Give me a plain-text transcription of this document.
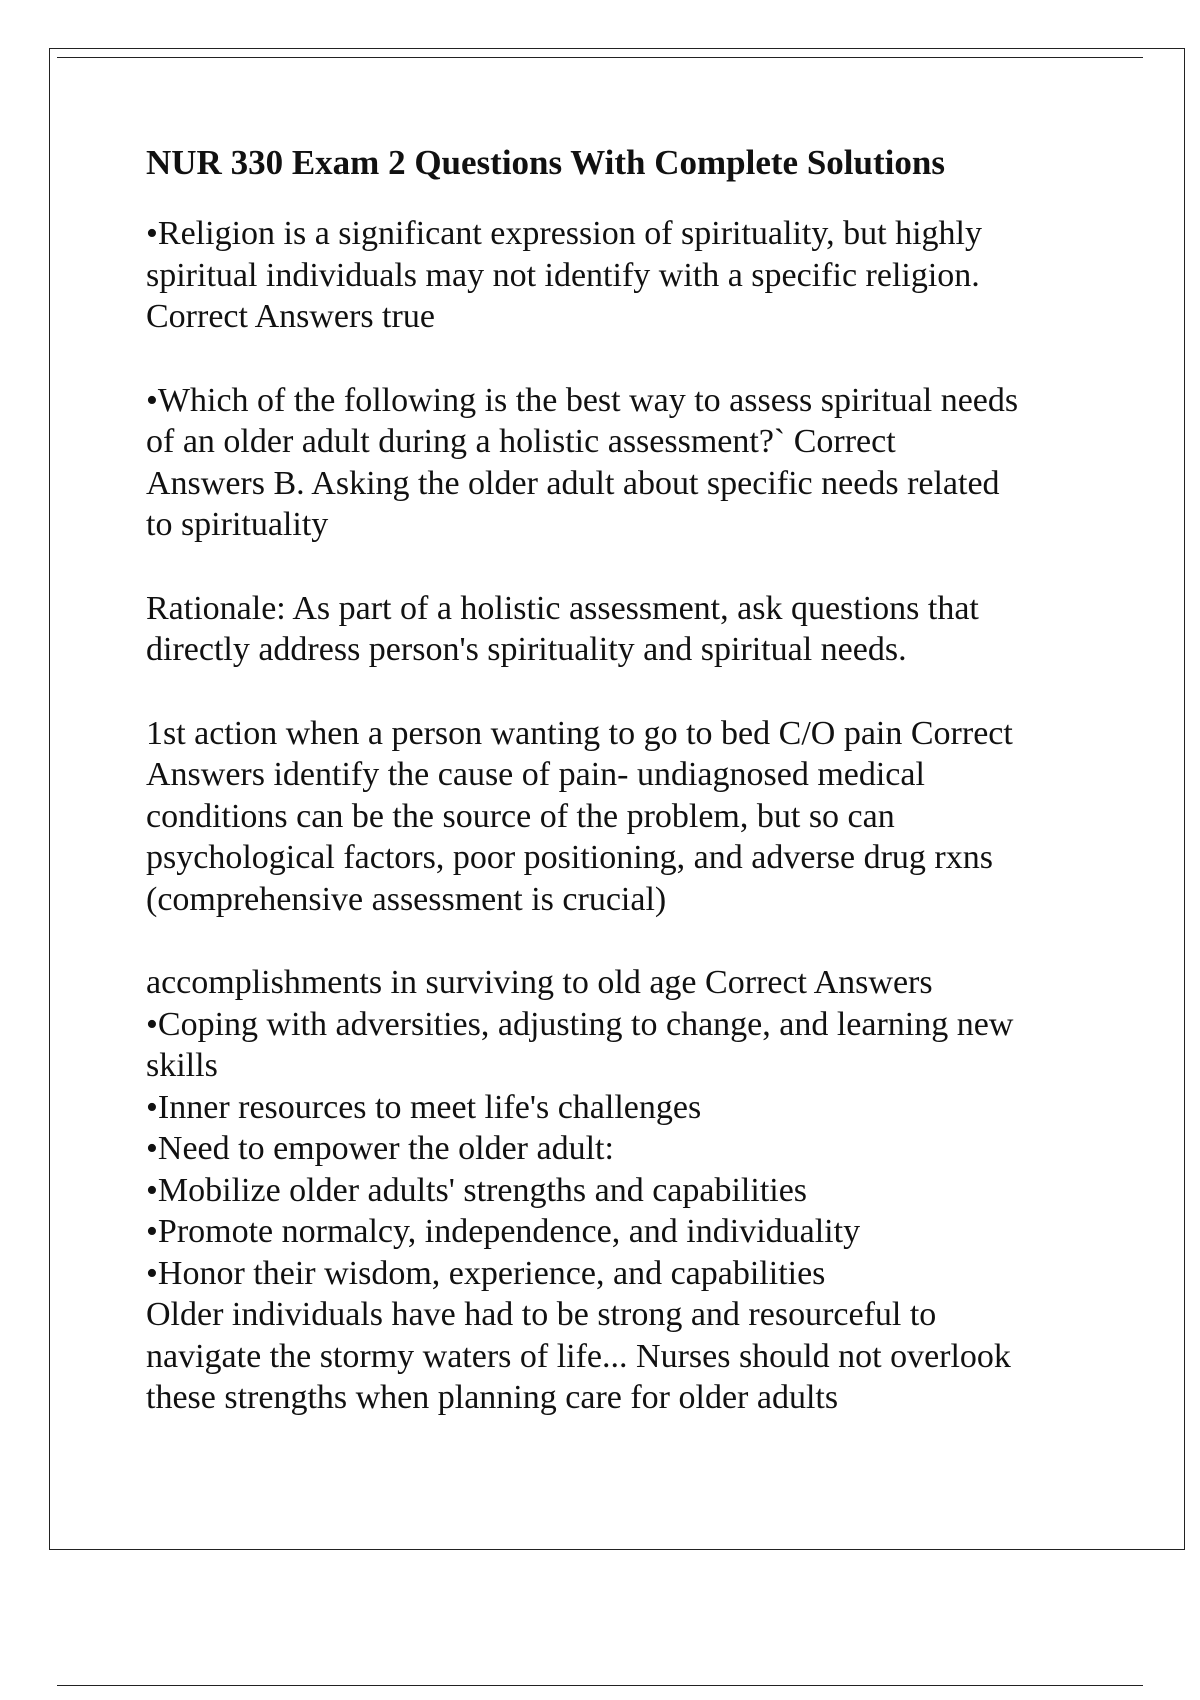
NUR 330 Exam 2 Questions With Complete Solutions
•Religion is a significant expression of spirituality, but highly
spiritual individuals may not identify with a specific religion.
Correct Answers true
•Which of the following is the best way to assess spiritual needs
of an older adult during a holistic assessment?` Correct
Answers B. Asking the older adult about specific needs related
to spirituality
Rationale: As part of a holistic assessment, ask questions that
directly address person's spirituality and spiritual needs.
1st action when a person wanting to go to bed C/O pain Correct
Answers identify the cause of pain- undiagnosed medical
conditions can be the source of the problem, but so can
psychological factors, poor positioning, and adverse drug rxns
(comprehensive assessment is crucial)
accomplishments in surviving to old age Correct Answers
•Coping with adversities, adjusting to change, and learning new
skills
•Inner resources to meet life's challenges
•Need to empower the older adult:
•Mobilize older adults' strengths and capabilities
•Promote normalcy, independence, and individuality
•Honor their wisdom, experience, and capabilities
Older individuals have had to be strong and resourceful to
navigate the stormy waters of life... Nurses should not overlook
these strengths when planning care for older adults
